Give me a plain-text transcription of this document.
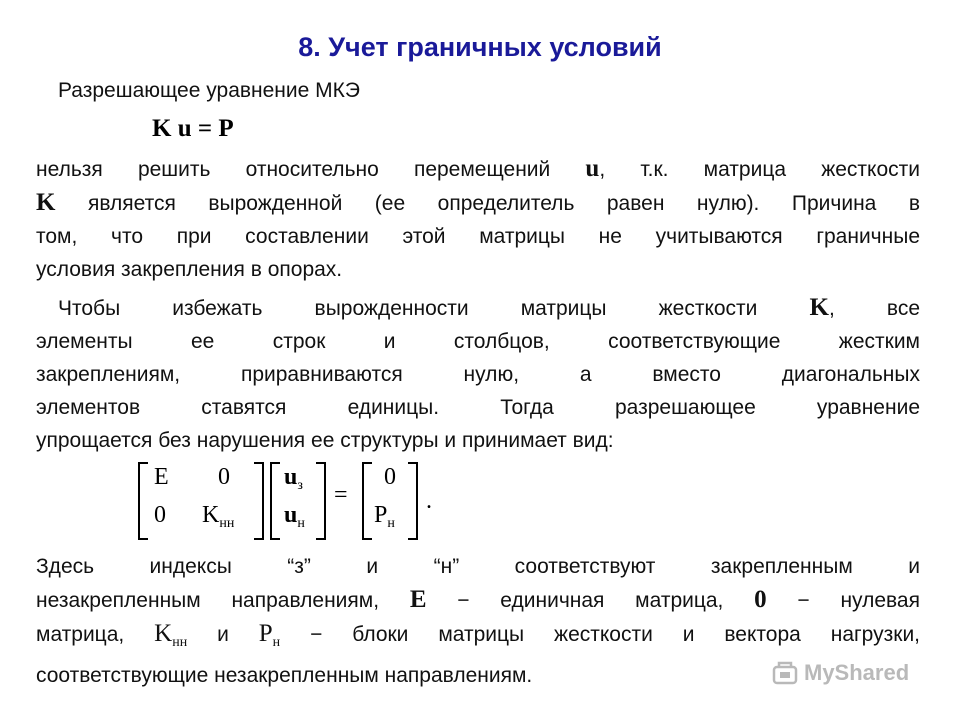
8. Учет граничных условий
Разрешающее уравнение МКЭ
K u = P
нельзя решить относительно перемещений u, т.к. матрица жесткости
K является вырожденной (ее определитель равен нулю). Причина в
том, что при составлении этой матрицы не учитываются граничные
условия закрепления в опорах.
Чтобы избежать вырожденности матрицы жесткости K, все
элементы ее строк и столбцов, соответствующие жестким
закреплениям, приравниваются нулю, а вместо диагональных
элементов ставятся единицы. Тогда разрешающее уравнение
упрощается без нарушения ее структуры и принимает вид:
E 0
0 $K_{нн}$
$u_з$
$u_н$
=
0
$P_н$
.
Здесь индексы “з” и “н” соответствуют закрепленным и
незакрепленным направлениям, E − единичная матрица, 0 − нулевая
матрица, $K_{нн}$ и $P_н$ − блоки матрицы жесткости и вектора нагрузки,
соответствующие незакрепленным направлениям.	MyShared
